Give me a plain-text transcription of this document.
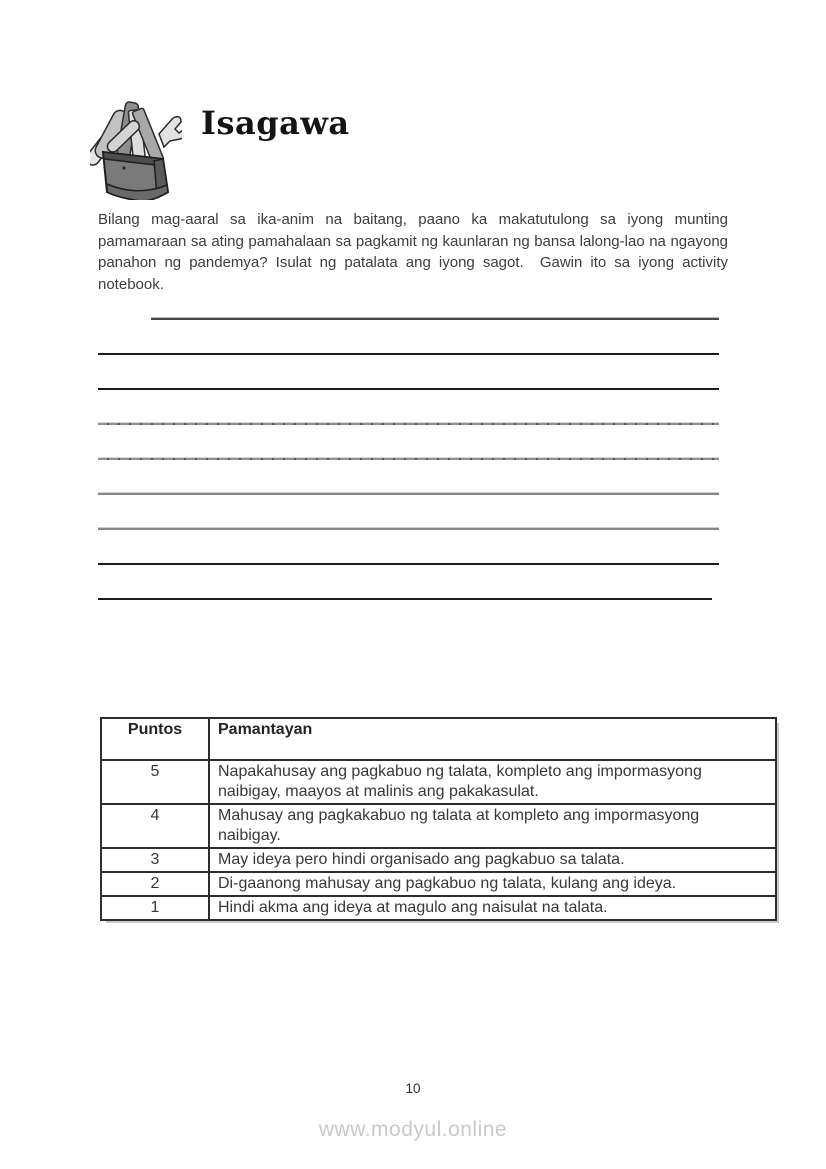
Isagawa
Bilang mag-aaral sa ika-anim na baitang, paano ka makatutulong sa iyong munting pamamaraan sa ating pamahalaan sa pagkamit ng kaunlaran ng bansa lalong-lao na ngayong panahon ng pandemya? Isulat ng patalata ang iyong sagot.  Gawin ito sa iyong activity notebook.
Puntos	Pamantayan
5	Napakahusay ang pagkabuo ng talata, kompleto ang impormasyong naibigay, maayos at malinis ang pakakasulat.
4	Mahusay ang pagkakabuo ng talata at kompleto ang impormasyong naibigay.
3	May ideya pero hindi organisado ang pagkabuo sa talata.
2	Di-gaanong mahusay ang pagkabuo ng talata, kulang ang ideya.
1	Hindi akma ang ideya at magulo ang naisulat na talata.
10
www.modyul.online
